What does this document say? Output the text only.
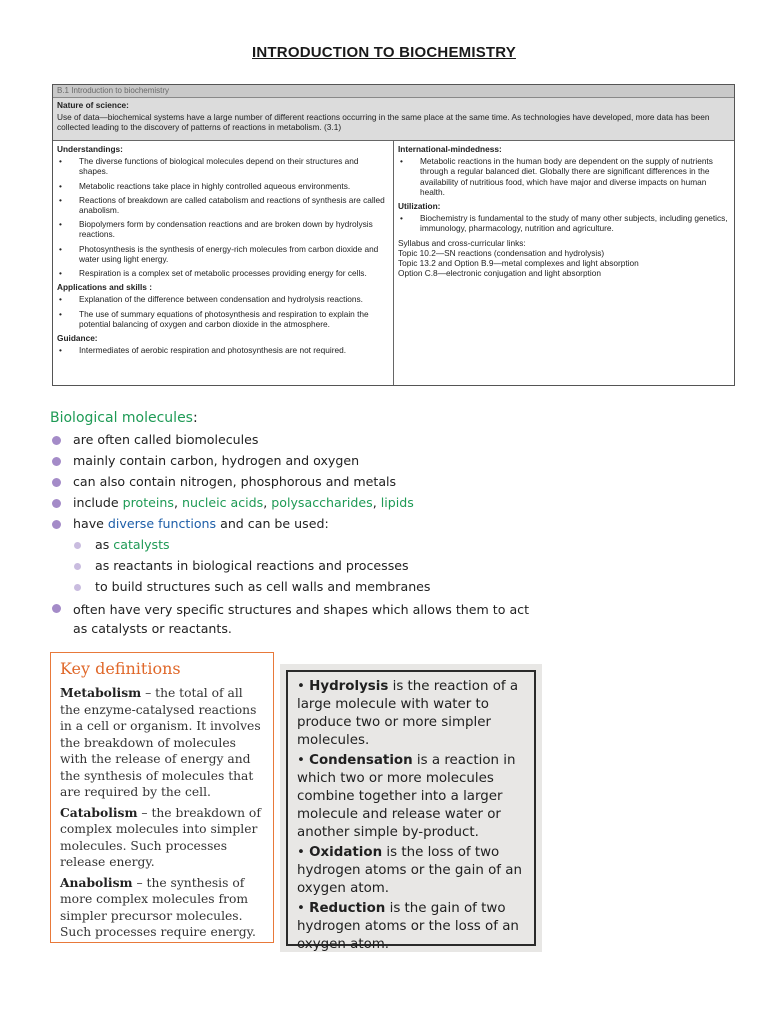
INTRODUCTION TO BIOCHEMISTRY
B.1 Introduction to biochemistry
Nature of science:
Use of data—biochemical systems have a large number of different reactions occurring in the same place at the same time. As technologies have developed, more data has been collected leading to the discovery of patterns of reactions in metabolism. (3.1)
Understandings:
•	The diverse functions of biological molecules depend on their structures and shapes.
•	Metabolic reactions take place in highly controlled aqueous environments.
•	Reactions of breakdown are called catabolism and reactions of synthesis are called anabolism.
•	Biopolymers form by condensation reactions and are broken down by hydrolysis reactions.
•	Photosynthesis is the synthesis of energy-rich molecules from carbon dioxide and water using light energy.
•	Respiration is a complex set of metabolic processes providing energy for cells.
Applications and skills :
•	Explanation of the difference between condensation and hydrolysis reactions.
•	The use of summary equations of photosynthesis and respiration to explain the potential balancing of oxygen and carbon dioxide in the atmosphere.
Guidance:
•	Intermediates of aerobic respiration and photosynthesis are not required.
International-mindedness:
•	Metabolic reactions in the human body are dependent on the supply of nutrients through a regular balanced diet. Globally there are significant differences in the availability of nutritious food, which have major and diverse impacts on human health.
Utilization:
•	Biochemistry is fundamental to the study of many other subjects, including genetics, immunology, pharmacology, nutrition and agriculture.
Syllabus and cross-curricular links:
Topic 10.2—SN reactions (condensation and hydrolysis)
Topic 13.2 and Option B.9—metal complexes and light absorption
Option C.8—electronic conjugation and light absorption
Biological molecules:
are often called biomolecules
mainly contain carbon, hydrogen and oxygen
can also contain nitrogen, phosphorous and metals
include proteins, nucleic acids, polysaccharides, lipids
have diverse functions and can be used:
as catalysts
as reactants in biological reactions and processes
to build structures such as cell walls and membranes
often have very specific structures and shapes which allows them to act as catalysts or reactants.
Key definitions
Metabolism – the total of all the enzyme-catalysed reactions in a cell or organism. It involves the breakdown of molecules with the release of energy and the synthesis of molecules that are required by the cell.
Catabolism – the breakdown of complex molecules into simpler molecules. Such processes release energy.
Anabolism – the synthesis of more complex molecules from simpler precursor molecules. Such processes require energy.
• Hydrolysis is the reaction of a large molecule with water to produce two or more simpler molecules.
• Condensation is a reaction in which two or more molecules combine together into a larger molecule and release water or another simple by-product.
• Oxidation is the loss of two hydrogen atoms or the gain of an oxygen atom.
• Reduction is the gain of two hydrogen atoms or the loss of an oxygen atom.
